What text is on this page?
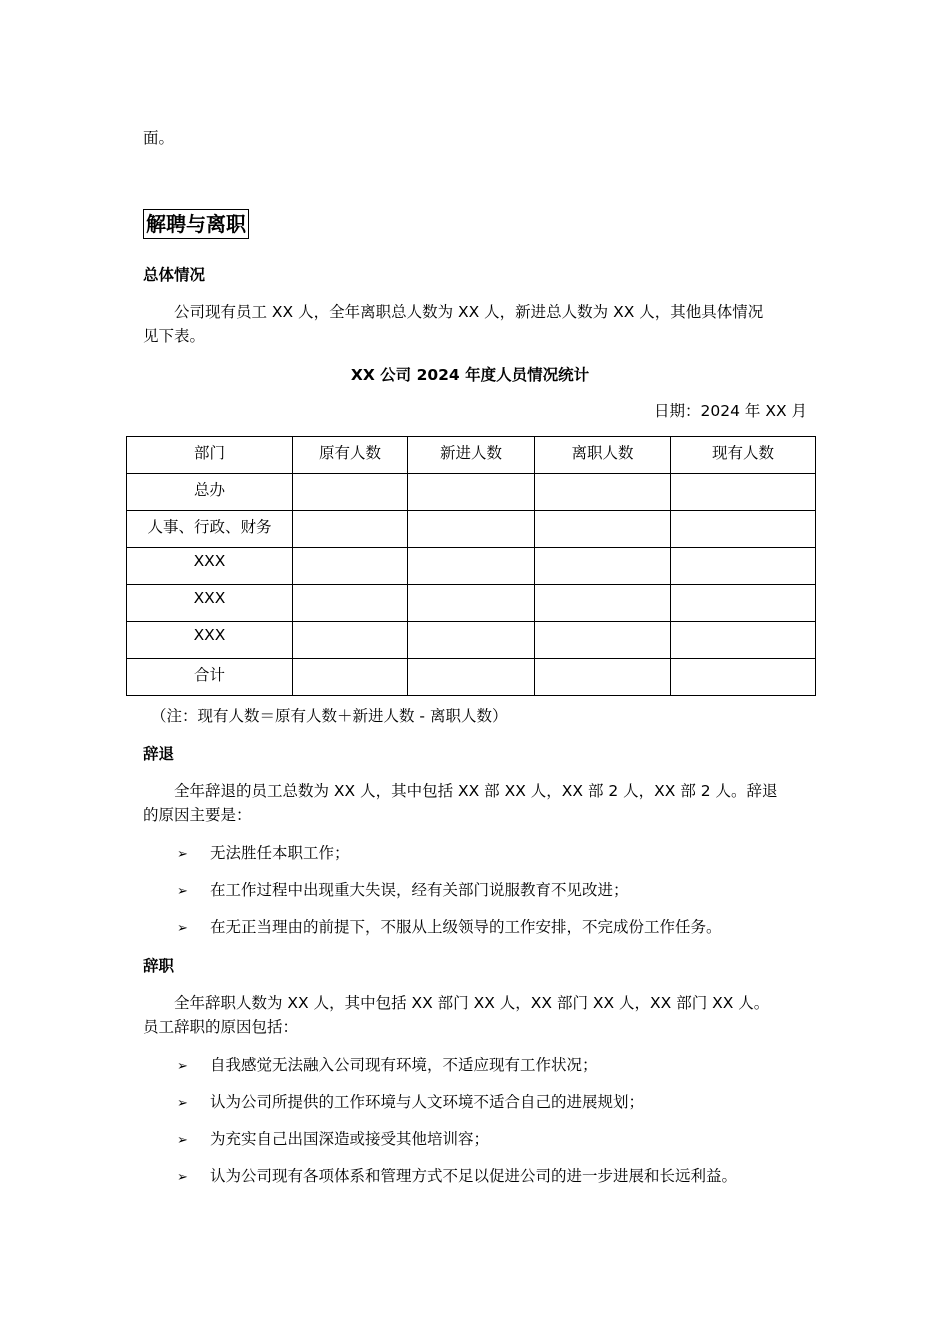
面。
解聘与离职
总体情况
　　公司现有员工 XX 人，全年离职总人数为 XX 人，新进总人数为 XX 人，其他具体情况
见下表。
XX 公司 2024 年度人员情况统计
日期：2024 年 XX 月
部门	原有人数	新进人数	离职人数	现有人数
总办				
人事、行政、财务				
XXX				
XXX				
XXX				
合计				
（注：现有人数＝原有人数＋新进人数 - 离职人数）
辞退
　　全年辞退的员工总数为 XX 人，其中包括 XX 部 XX 人，XX 部 2 人，XX 部 2 人。辞退
的原因主要是：
➢ 无法胜任本职工作；
➢ 在工作过程中出现重大失误，经有关部门说服教育不见改进；
➢ 在无正当理由的前提下，不服从上级领导的工作安排，不完成份工作任务。
辞职
　　全年辞职人数为 XX 人，其中包括 XX 部门 XX 人，XX 部门 XX 人，XX 部门 XX 人。
员工辞职的原因包括：
➢ 自我感觉无法融入公司现有环境，不适应现有工作状况；
➢ 认为公司所提供的工作环境与人文环境不适合自己的进展规划；
➢ 为充实自己出国深造或接受其他培训容；
➢ 认为公司现有各项体系和管理方式不足以促进公司的进一步进展和长远利益。
